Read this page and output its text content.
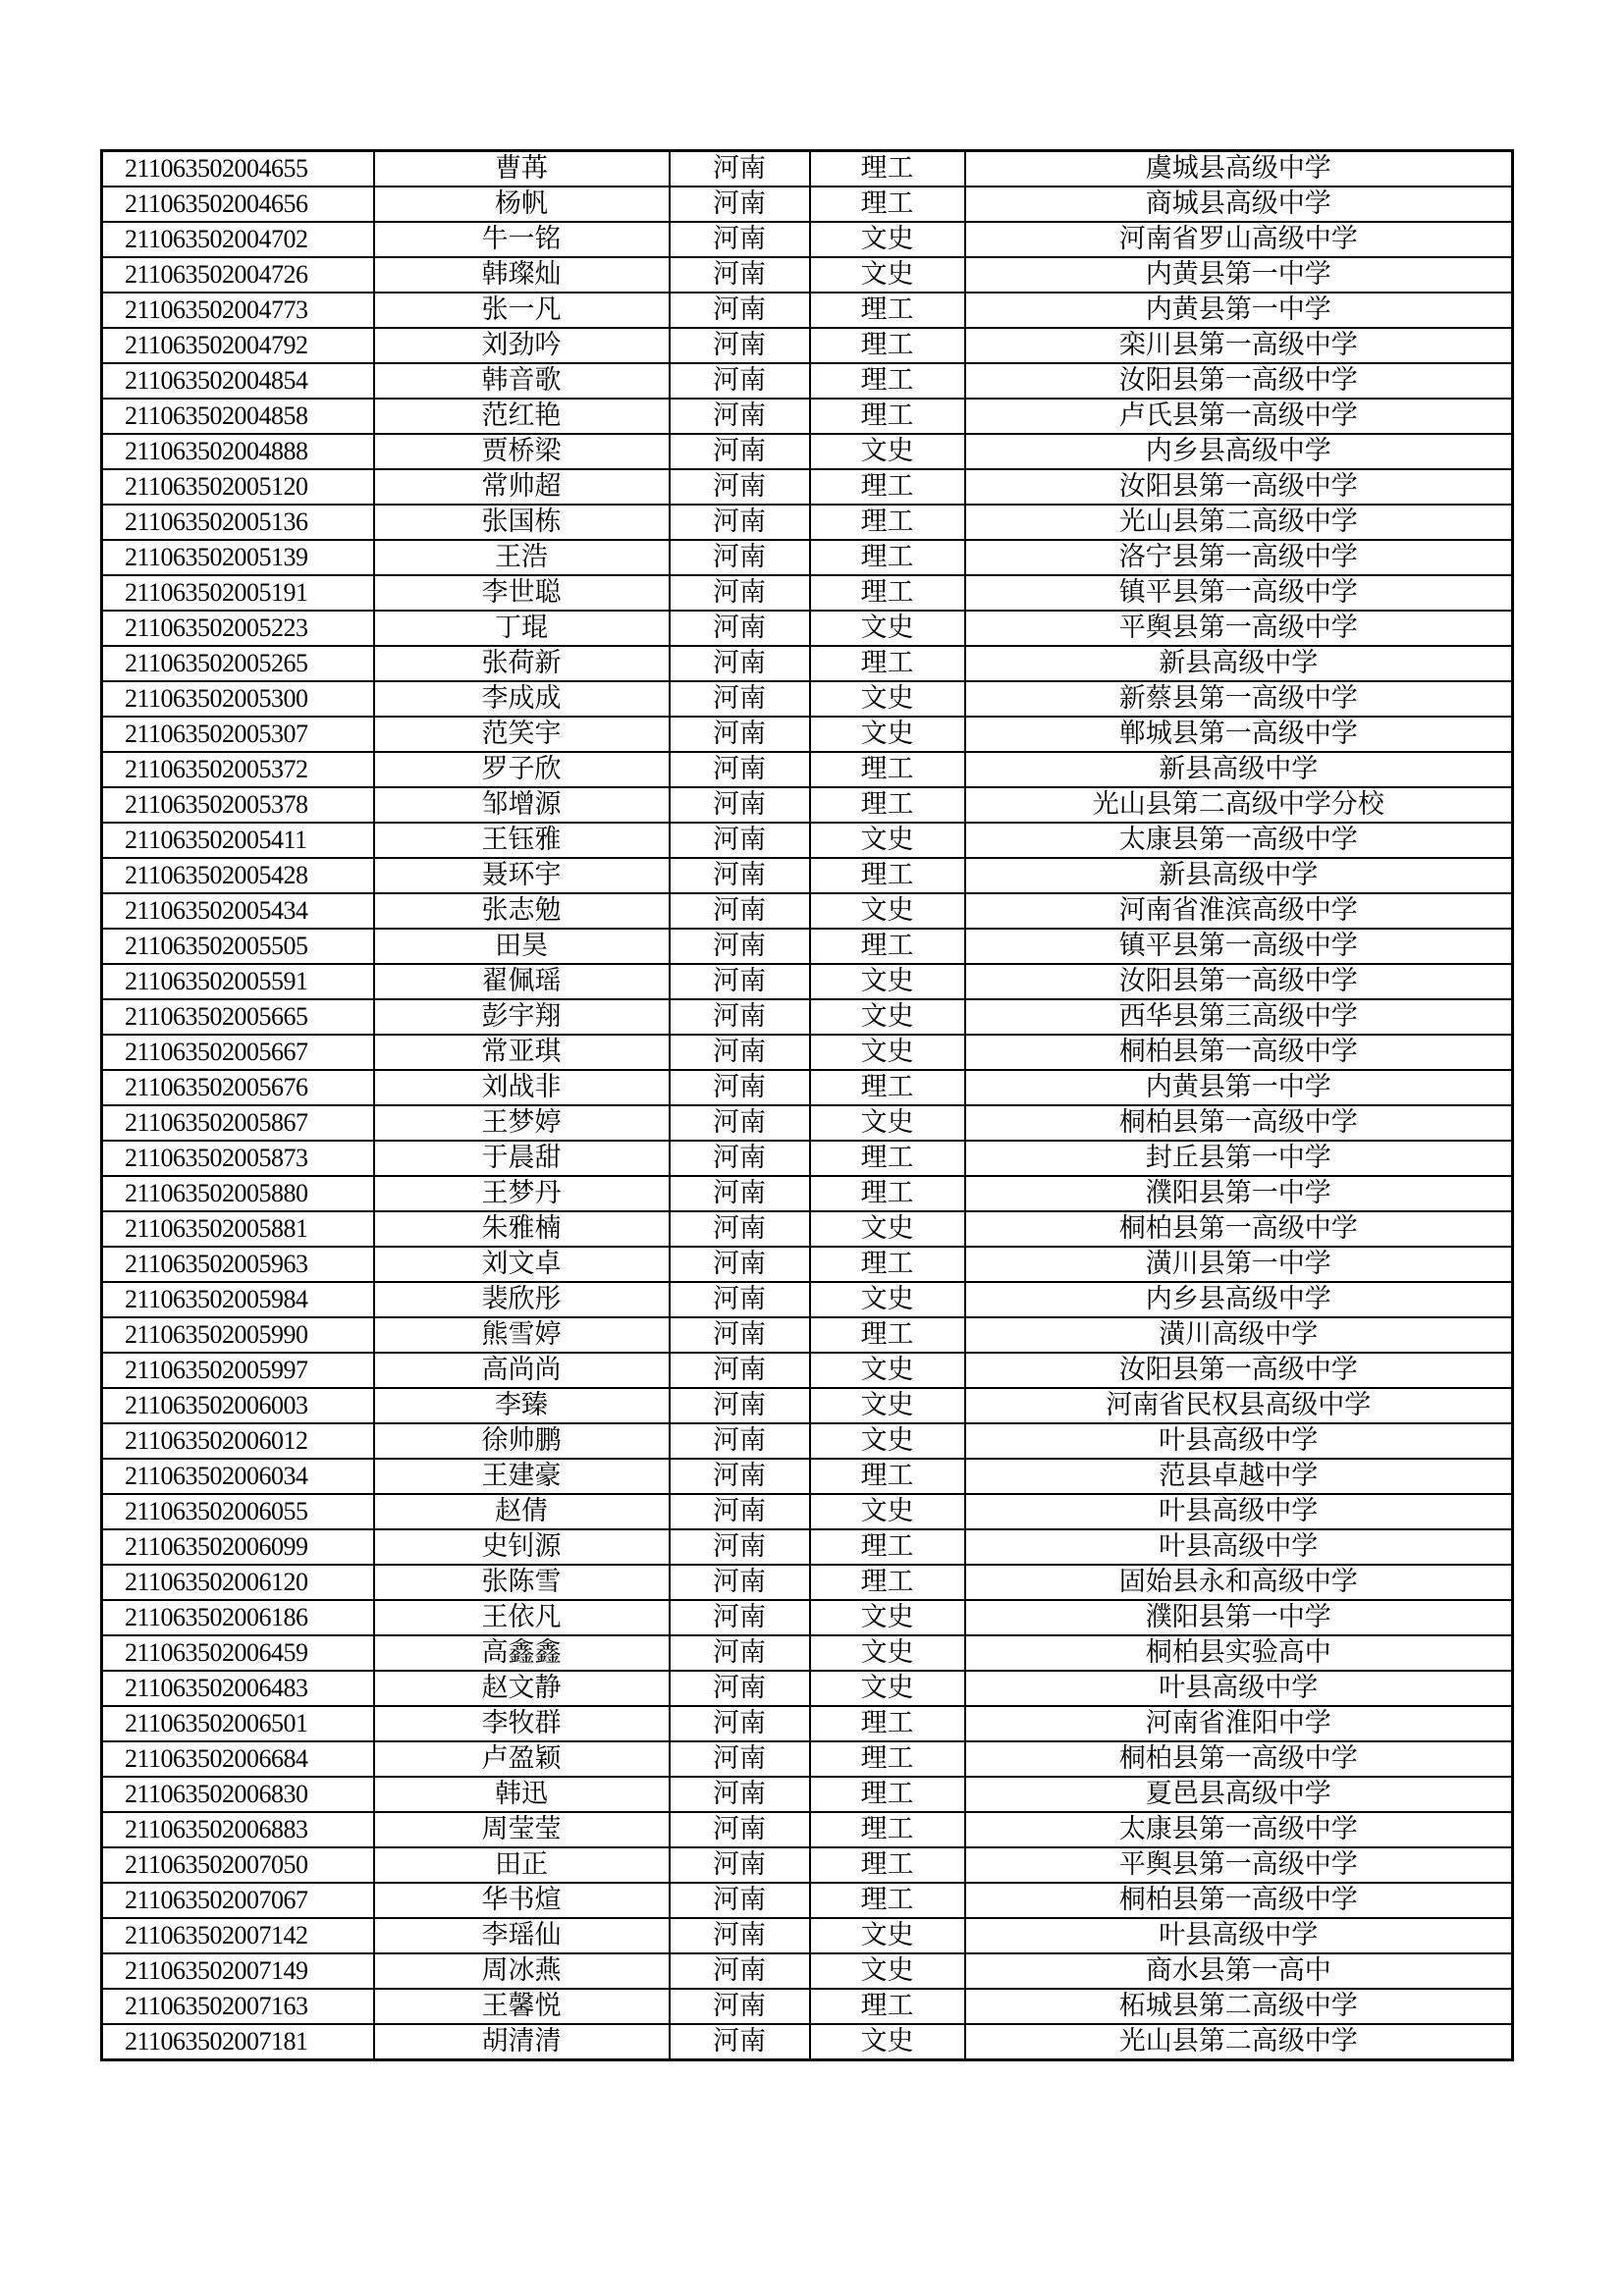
211063502004655	曹苒	河南	理工	虞城县高级中学
211063502004656	杨帆	河南	理工	商城县高级中学
211063502004702	牛一铭	河南	文史	河南省罗山高级中学
211063502004726	韩璨灿	河南	文史	内黄县第一中学
211063502004773	张一凡	河南	理工	内黄县第一中学
211063502004792	刘劲吟	河南	理工	栾川县第一高级中学
211063502004854	韩音歌	河南	理工	汝阳县第一高级中学
211063502004858	范红艳	河南	理工	卢氏县第一高级中学
211063502004888	贾桥梁	河南	文史	内乡县高级中学
211063502005120	常帅超	河南	理工	汝阳县第一高级中学
211063502005136	张国栋	河南	理工	光山县第二高级中学
211063502005139	王浩	河南	理工	洛宁县第一高级中学
211063502005191	李世聪	河南	理工	镇平县第一高级中学
211063502005223	丁琨	河南	文史	平舆县第一高级中学
211063502005265	张荷新	河南	理工	新县高级中学
211063502005300	李成成	河南	文史	新蔡县第一高级中学
211063502005307	范笑宇	河南	文史	郸城县第一高级中学
211063502005372	罗子欣	河南	理工	新县高级中学
211063502005378	邹增源	河南	理工	光山县第二高级中学分校
211063502005411	王钰雅	河南	文史	太康县第一高级中学
211063502005428	聂环宇	河南	理工	新县高级中学
211063502005434	张志勉	河南	文史	河南省淮滨高级中学
211063502005505	田昊	河南	理工	镇平县第一高级中学
211063502005591	翟佩瑶	河南	文史	汝阳县第一高级中学
211063502005665	彭宇翔	河南	文史	西华县第三高级中学
211063502005667	常亚琪	河南	文史	桐柏县第一高级中学
211063502005676	刘战非	河南	理工	内黄县第一中学
211063502005867	王梦婷	河南	文史	桐柏县第一高级中学
211063502005873	于晨甜	河南	理工	封丘县第一中学
211063502005880	王梦丹	河南	理工	濮阳县第一中学
211063502005881	朱雅楠	河南	文史	桐柏县第一高级中学
211063502005963	刘文卓	河南	理工	潢川县第一中学
211063502005984	裴欣彤	河南	文史	内乡县高级中学
211063502005990	熊雪婷	河南	理工	潢川高级中学
211063502005997	高尚尚	河南	文史	汝阳县第一高级中学
211063502006003	李臻	河南	文史	河南省民权县高级中学
211063502006012	徐帅鹏	河南	文史	叶县高级中学
211063502006034	王建豪	河南	理工	范县卓越中学
211063502006055	赵倩	河南	文史	叶县高级中学
211063502006099	史钊源	河南	理工	叶县高级中学
211063502006120	张陈雪	河南	理工	固始县永和高级中学
211063502006186	王依凡	河南	文史	濮阳县第一中学
211063502006459	高鑫鑫	河南	文史	桐柏县实验高中
211063502006483	赵文静	河南	文史	叶县高级中学
211063502006501	李牧群	河南	理工	河南省淮阳中学
211063502006684	卢盈颖	河南	理工	桐柏县第一高级中学
211063502006830	韩迅	河南	理工	夏邑县高级中学
211063502006883	周莹莹	河南	理工	太康县第一高级中学
211063502007050	田正	河南	理工	平舆县第一高级中学
211063502007067	华书煊	河南	理工	桐柏县第一高级中学
211063502007142	李瑶仙	河南	文史	叶县高级中学
211063502007149	周冰燕	河南	文史	商水县第一高中
211063502007163	王馨悦	河南	理工	柘城县第二高级中学
211063502007181	胡清清	河南	文史	光山县第二高级中学
